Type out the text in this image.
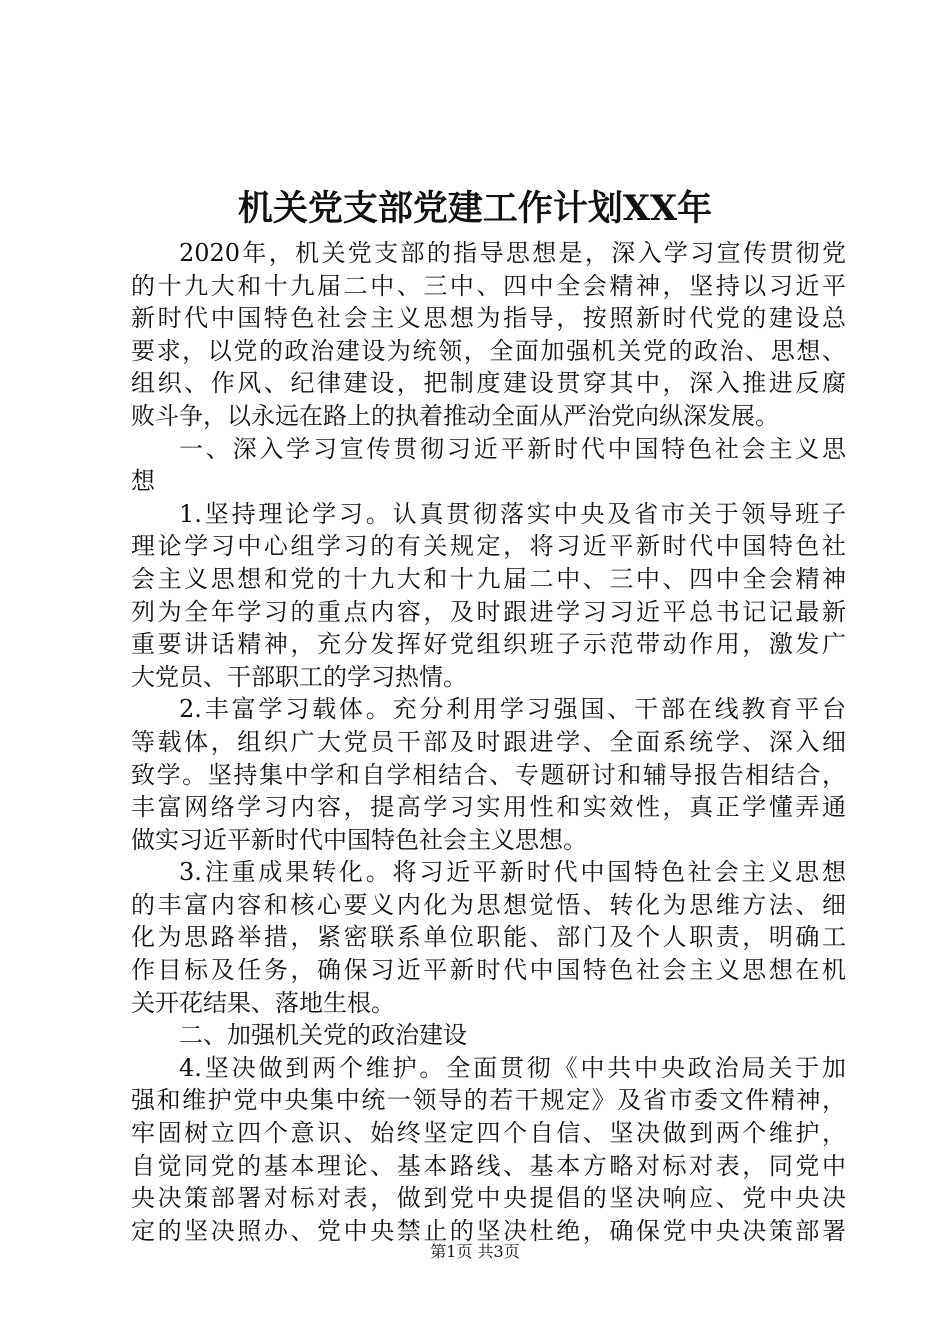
机关党支部党建工作计划XX年
2020年，机关党支部的指导思想是，深入学习宣传贯彻党
的十九大和十九届二中、三中、四中全会精神，坚持以习近平
新时代中国特色社会主义思想为指导，按照新时代党的建设总
要求，以党的政治建设为统领，全面加强机关党的政治、思想、
组织、作风、纪律建设，把制度建设贯穿其中，深入推进反腐
败斗争，以永远在路上的执着推动全面从严治党向纵深发展。
一、深入学习宣传贯彻习近平新时代中国特色社会主义思
想
1.坚持理论学习。认真贯彻落实中央及省市关于领导班子
理论学习中心组学习的有关规定，将习近平新时代中国特色社
会主义思想和党的十九大和十九届二中、三中、四中全会精神
列为全年学习的重点内容，及时跟进学习习近平总书记记最新
重要讲话精神，充分发挥好党组织班子示范带动作用，激发广
大党员、干部职工的学习热情。
2.丰富学习载体。充分利用学习强国、干部在线教育平台
等载体，组织广大党员干部及时跟进学、全面系统学、深入细
致学。坚持集中学和自学相结合、专题研讨和辅导报告相结合，
丰富网络学习内容，提高学习实用性和实效性，真正学懂弄通
做实习近平新时代中国特色社会主义思想。
3.注重成果转化。将习近平新时代中国特色社会主义思想
的丰富内容和核心要义内化为思想觉悟、转化为思维方法、细
化为思路举措，紧密联系单位职能、部门及个人职责，明确工
作目标及任务，确保习近平新时代中国特色社会主义思想在机
关开花结果、落地生根。
二、加强机关党的政治建设
4.坚决做到两个维护。全面贯彻《中共中央政治局关于加
强和维护党中央集中统一领导的若干规定》及省市委文件精神，
牢固树立四个意识、始终坚定四个自信、坚决做到两个维护，
自觉同党的基本理论、基本路线、基本方略对标对表，同党中
央决策部署对标对表，做到党中央提倡的坚决响应、党中央决
定的坚决照办、党中央禁止的坚决杜绝，确保党中央决策部署
第1页 共3页
